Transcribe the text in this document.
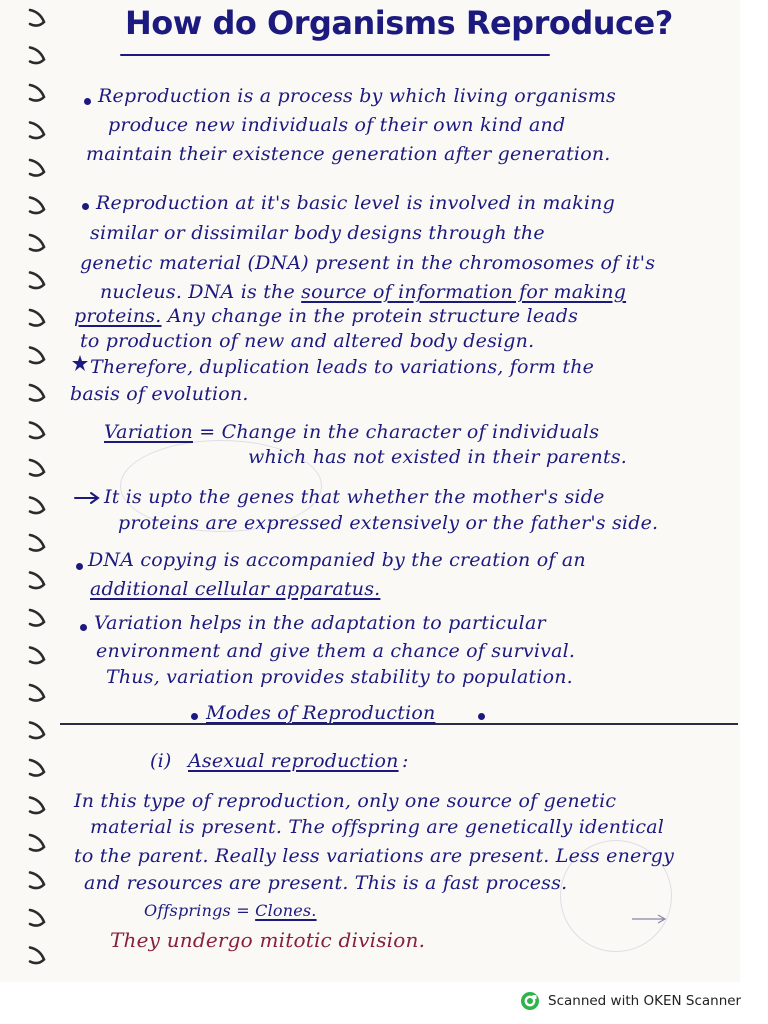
How do Organisms Reproduce?
Reproduction is a process by which living organisms
produce new individuals of their own kind and
maintain their existence generation after generation.
Reproduction at it's basic level is involved in making
similar or dissimilar body designs through the
genetic material (DNA) present in the chromosomes of it's
nucleus. DNA is the source of information for making
proteins. Any change in the protein structure leads
to production of new and altered body design.
Therefore, duplication leads to variations, form the
basis of evolution.
Variation = Change in the character of individuals
which has not existed in their parents.
It is upto the genes that whether the mother's side
proteins are expressed extensively or the father's side.
DNA copying is accompanied by the creation of an
additional cellular apparatus.
Variation helps in the adaptation to particular
environment and give them a chance of survival.
Thus, variation provides stability to population.
Modes of Reproduction
(i) Asexual reproduction :
In this type of reproduction, only one source of genetic
material is present. The offspring are genetically identical
to the parent. Really less variations are present. Less energy
and resources are present. This is a fast process.
Offsprings = Clones.
They undergo mitotic division.
Scanned with OKEN Scanner
